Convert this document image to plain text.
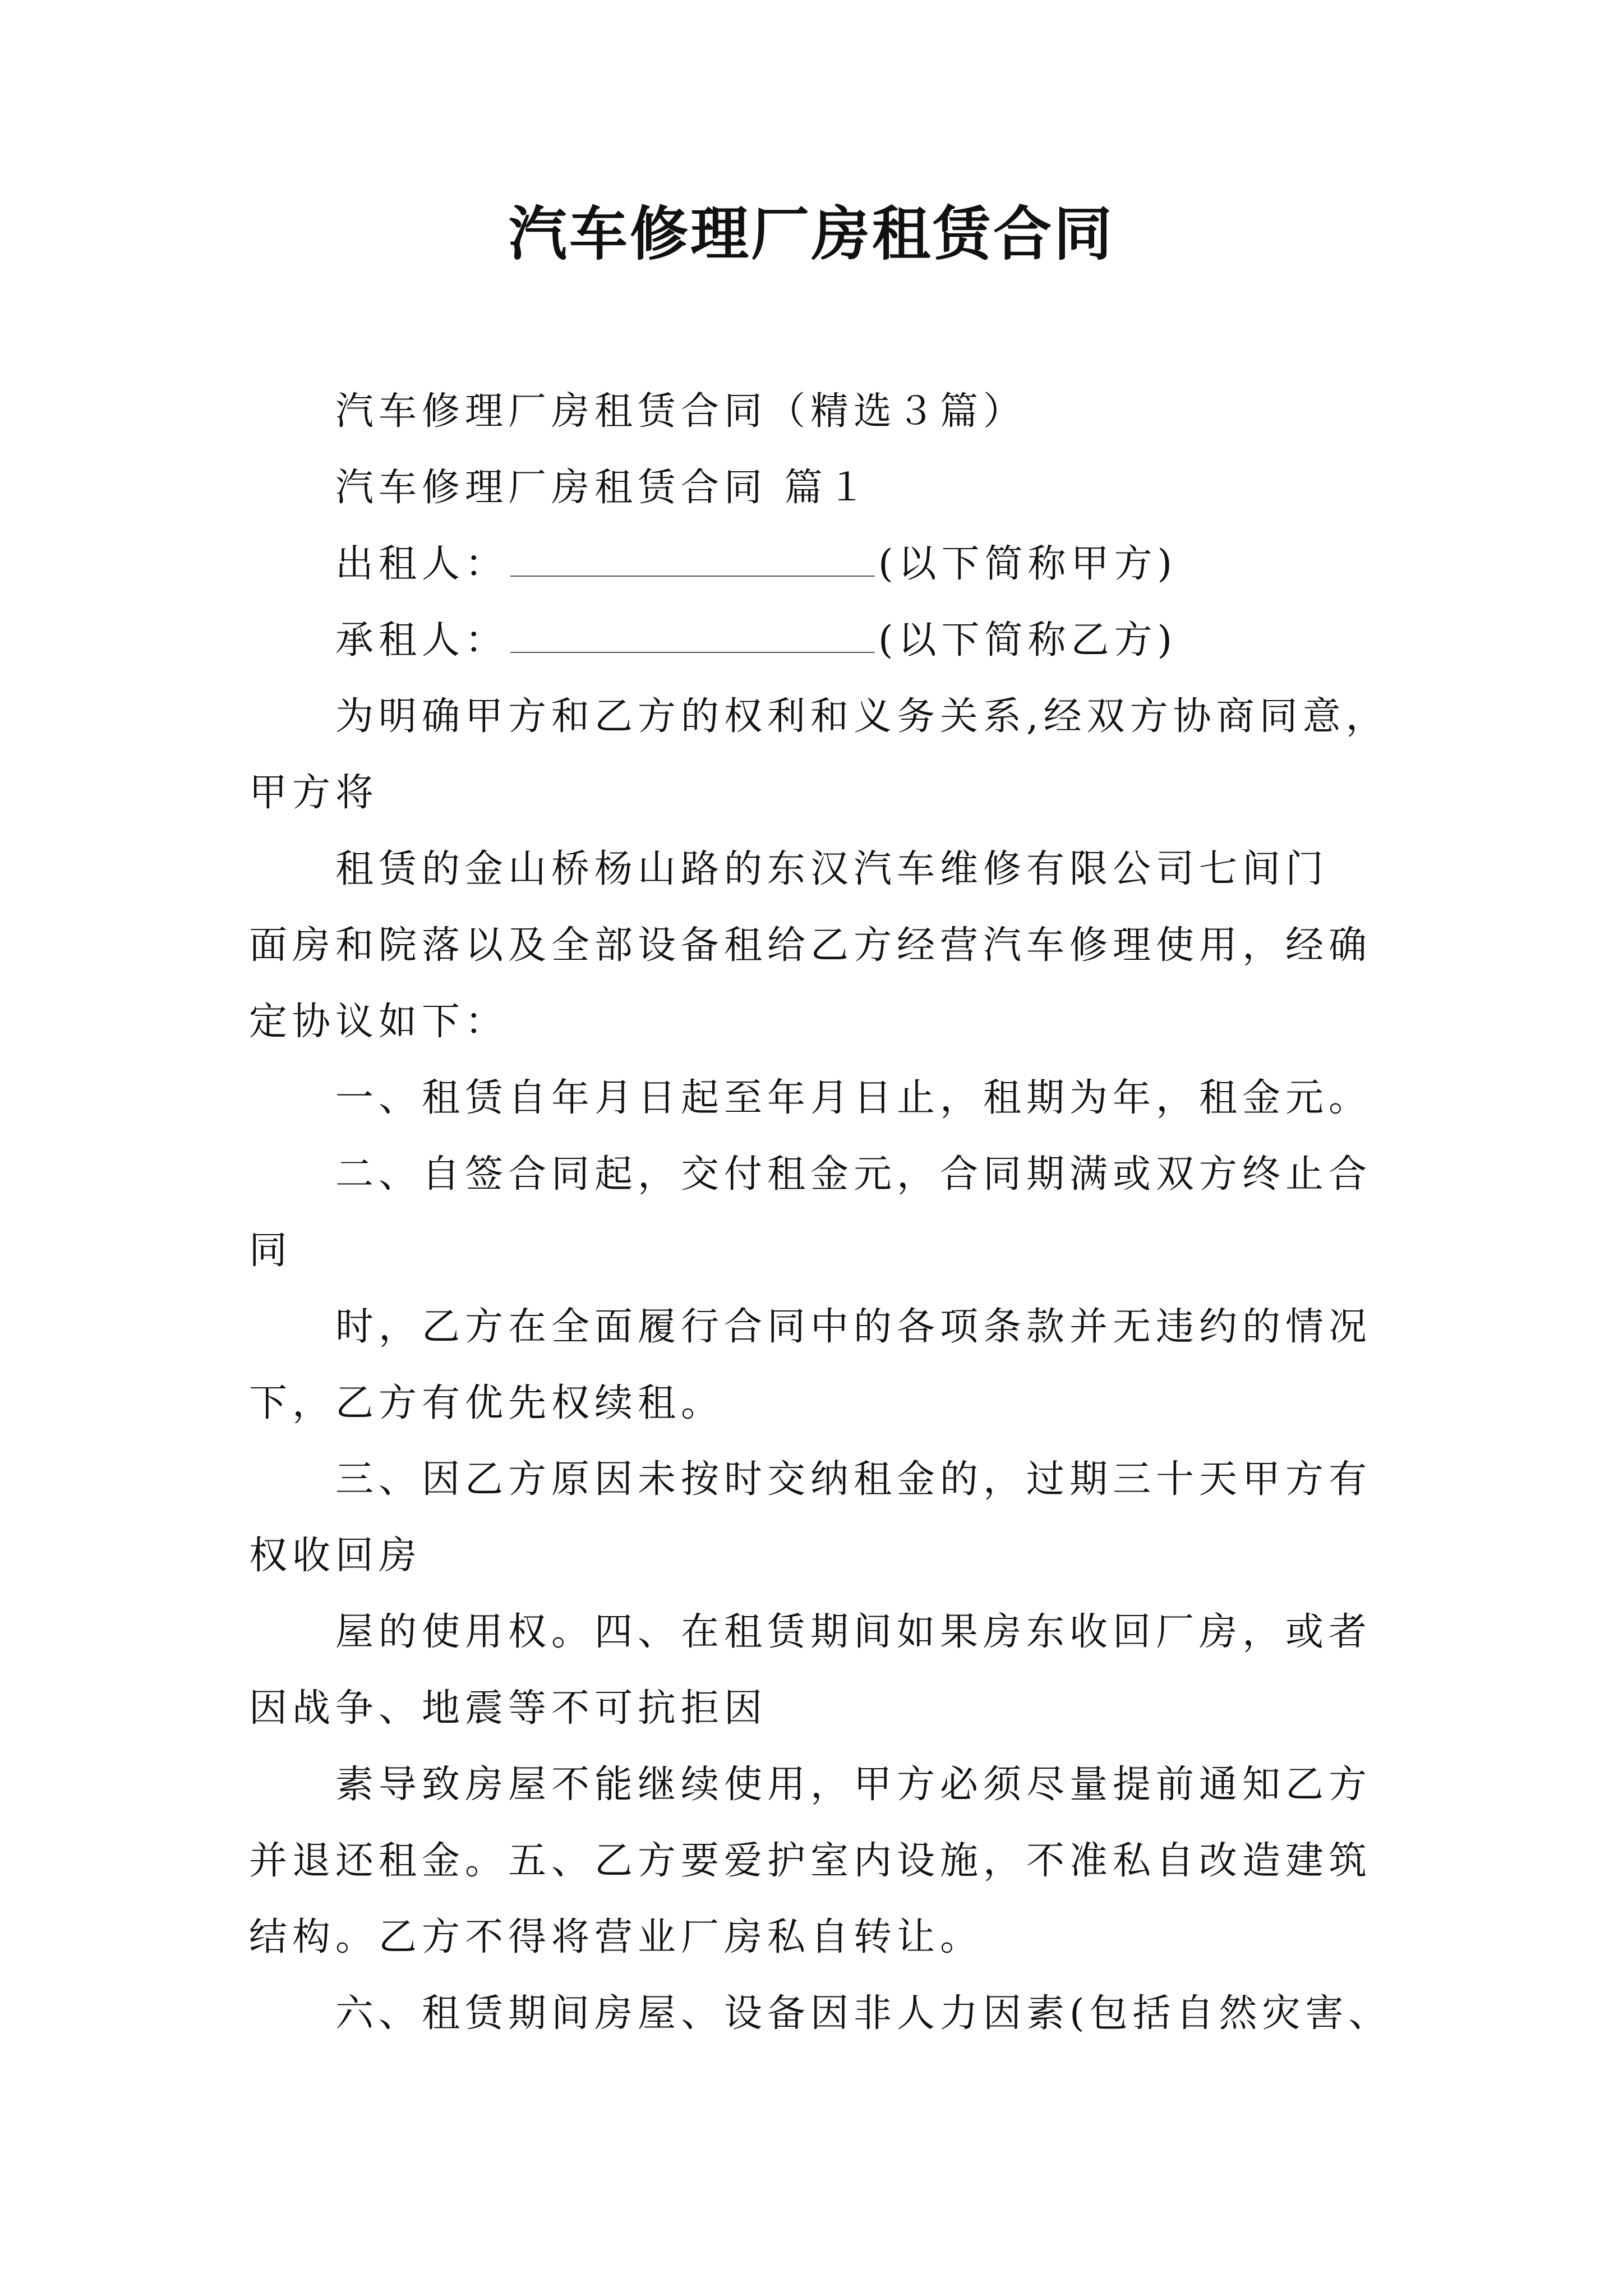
汽车修理厂房租赁合同
汽车修理厂房租赁合同（精选３篇）
汽车修理厂房租赁合同 篇１
出租人：	(以下简称甲方)
承租人：	(以下简称乙方)
为明确甲方和乙方的权利和义务关系,经双方协商同意，
甲方将
租赁的金山桥杨山路的东汉汽车维修有限公司七间门
面房和院落以及全部设备租给乙方经营汽车修理使用，经确
定协议如下：
一、租赁自年月日起至年月日止，租期为年，租金元。
二、自签合同起，交付租金元，合同期满或双方终止合
同
时，乙方在全面履行合同中的各项条款并无违约的情况
下，乙方有优先权续租。
三、因乙方原因未按时交纳租金的，过期三十天甲方有
权收回房
屋的使用权。四、在租赁期间如果房东收回厂房，或者
因战争、地震等不可抗拒因
素导致房屋不能继续使用，甲方必须尽量提前通知乙方
并退还租金。五、乙方要爱护室内设施，不准私自改造建筑
结构。乙方不得将营业厂房私自转让。
六、租赁期间房屋、设备因非人力因素(包括自然灾害、
